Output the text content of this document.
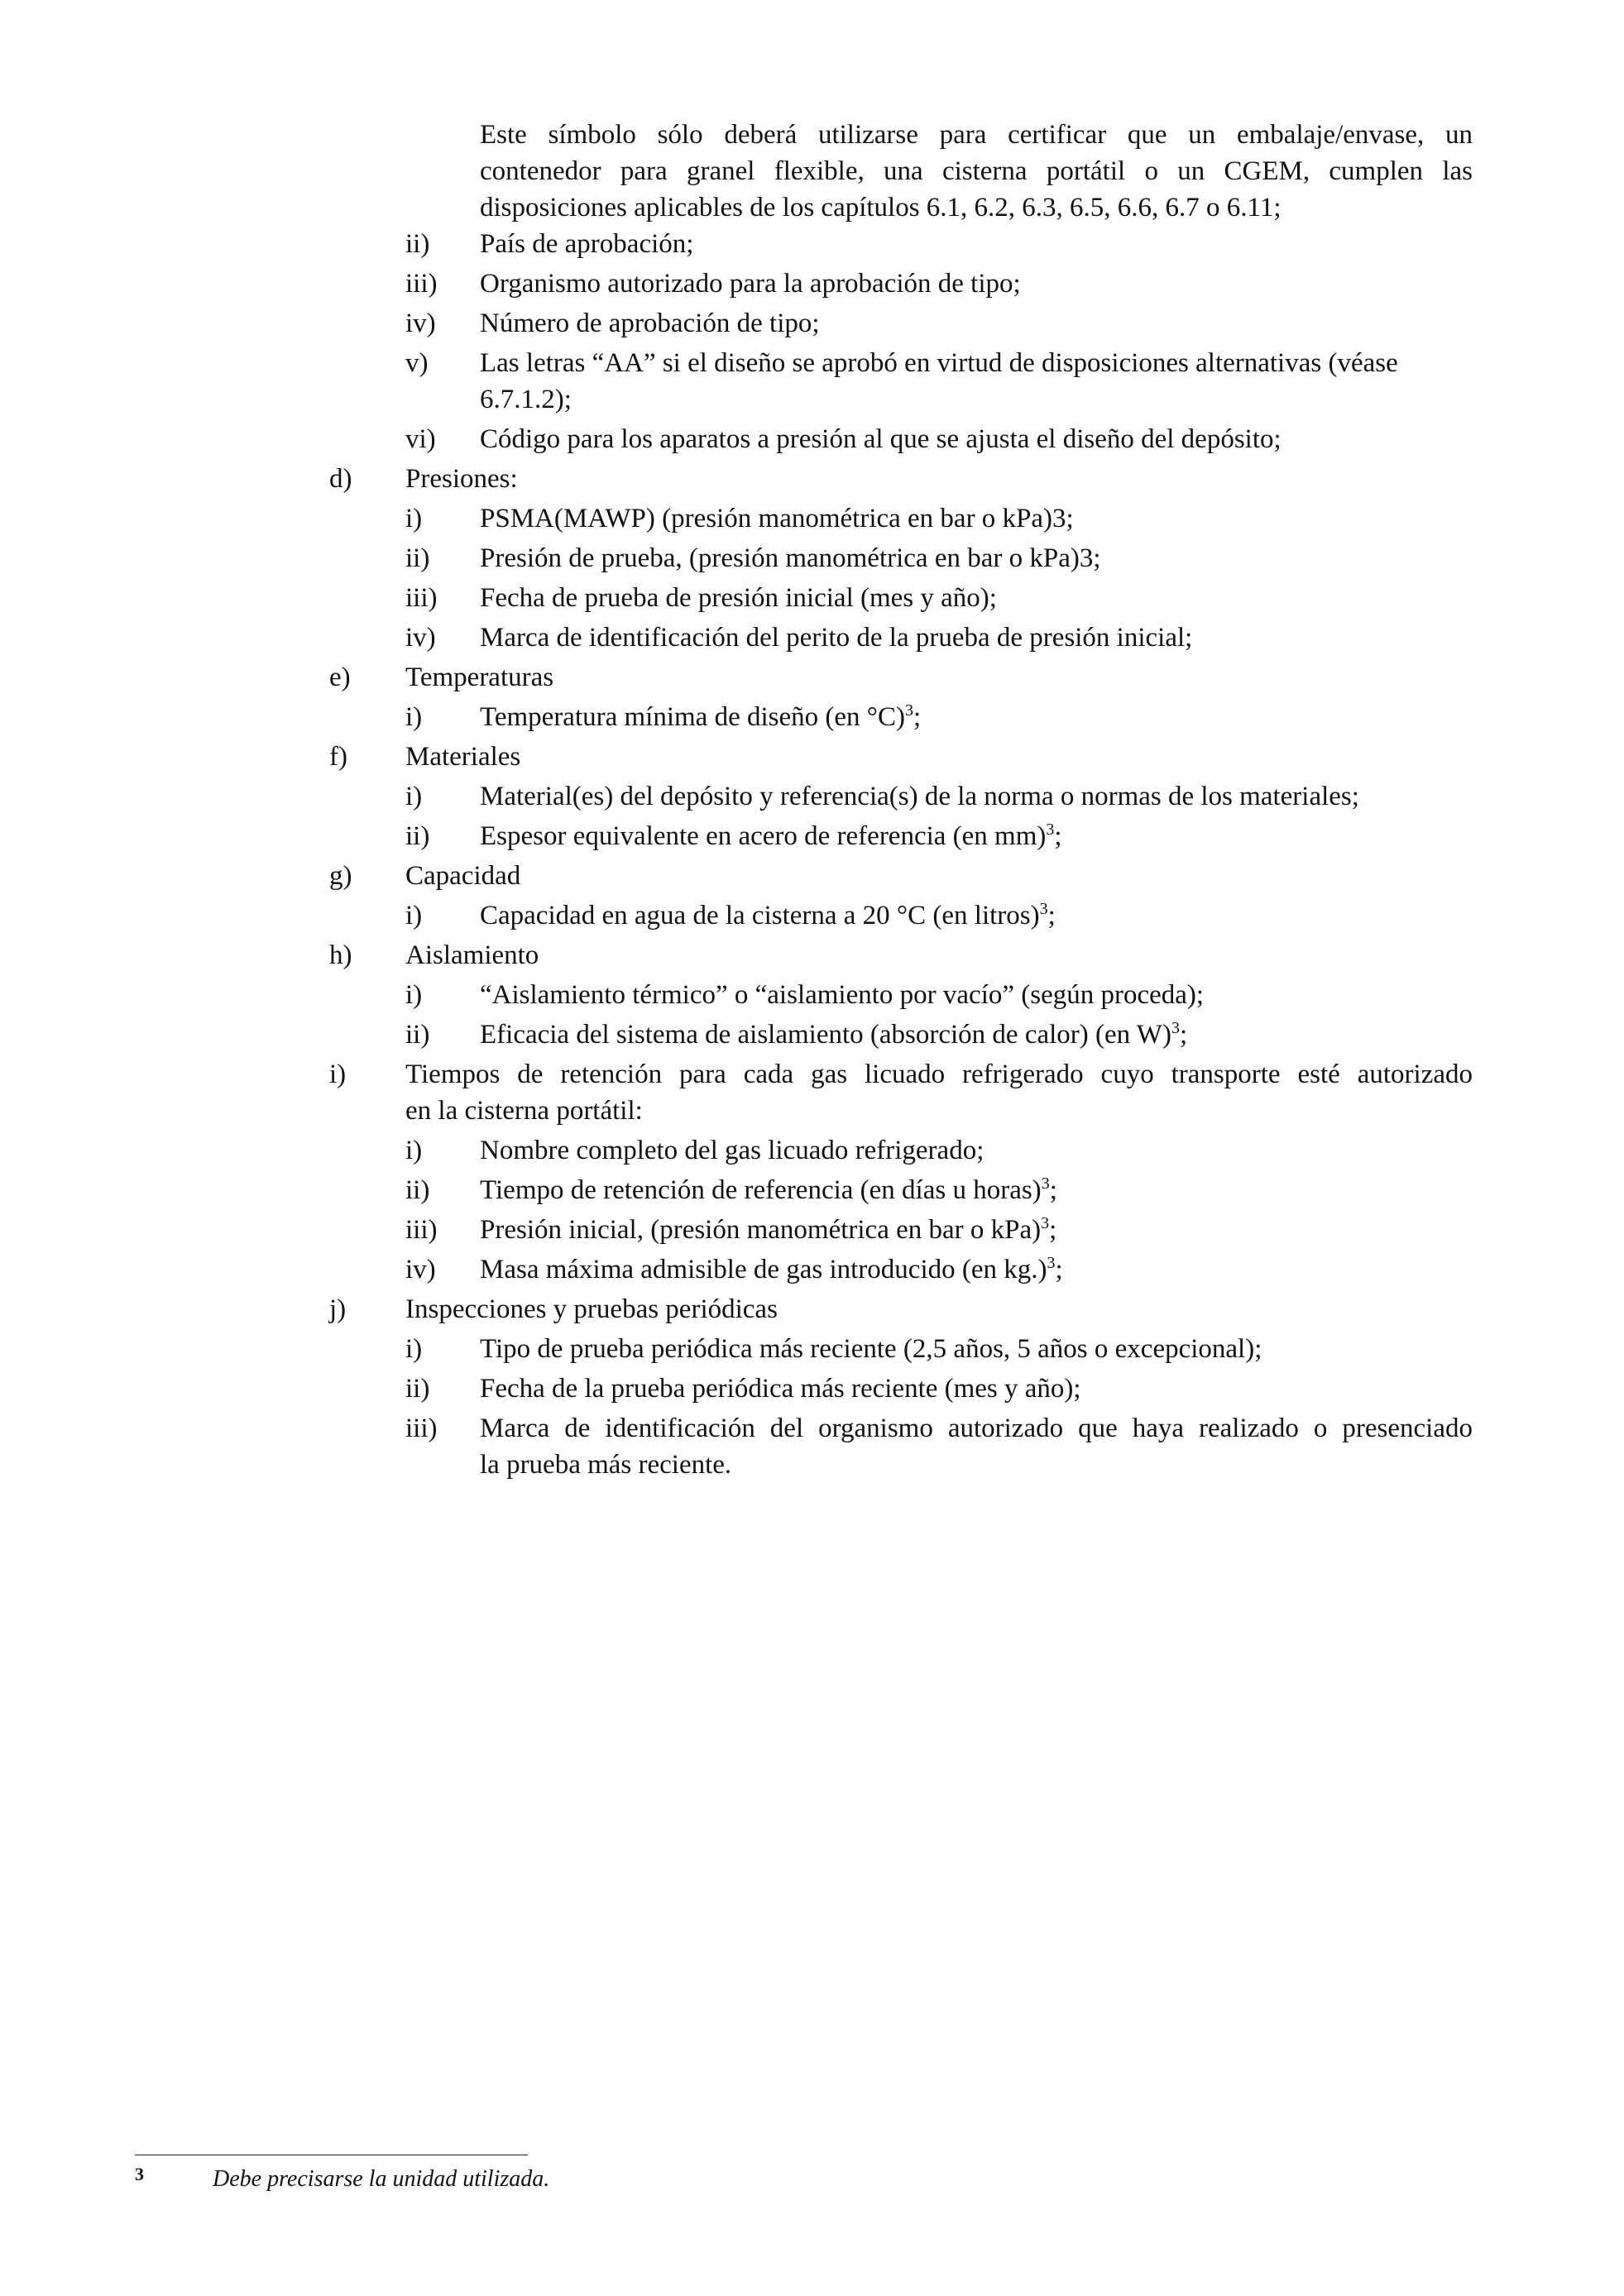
Este símbolo sólo deberá utilizarse para certificar que un embalaje/envase, un
contenedor para granel flexible, una cisterna portátil o un CGEM, cumplen las
disposiciones aplicables de los capítulos 6.1, 6.2, 6.3, 6.5, 6.6, 6.7 o 6.11;
ii) País de aprobación;
iii) Organismo autorizado para la aprobación de tipo;
iv) Número de aprobación de tipo;
v) Las letras “AA” si el diseño se aprobó en virtud de disposiciones alternativas (véase
6.7.1.2);
vi) Código para los aparatos a presión al que se ajusta el diseño del depósito;
d) Presiones:
i) PSMA(MAWP) (presión manométrica en bar o kPa)3;
ii) Presión de prueba, (presión manométrica en bar o kPa)3;
iii) Fecha de prueba de presión inicial (mes y año);
iv) Marca de identificación del perito de la prueba de presión inicial;
e) Temperaturas
i) Temperatura mínima de diseño (en °C)$^3$;
f) Materiales
i) Material(es) del depósito y referencia(s) de la norma o normas de los materiales;
ii) Espesor equivalente en acero de referencia (en mm)$^3$;
g) Capacidad
i) Capacidad en agua de la cisterna a 20 °C (en litros)$^3$;
h) Aislamiento
i) “Aislamiento térmico” o “aislamiento por vacío” (según proceda);
ii) Eficacia del sistema de aislamiento (absorción de calor) (en W)$^3$;
i) Tiempos de retención para cada gas licuado refrigerado cuyo transporte esté autorizado
en la cisterna portátil:
i) Nombre completo del gas licuado refrigerado;
ii) Tiempo de retención de referencia (en días u horas)$^3$;
iii) Presión inicial, (presión manométrica en bar o kPa)$^3$;
iv) Masa máxima admisible de gas introducido (en kg.)$^3$;
j) Inspecciones y pruebas periódicas
i) Tipo de prueba periódica más reciente (2,5 años, 5 años o excepcional);
ii) Fecha de la prueba periódica más reciente (mes y año);
iii) Marca de identificación del organismo autorizado que haya realizado o presenciado
la prueba más reciente.
3	Debe precisarse la unidad utilizada.
